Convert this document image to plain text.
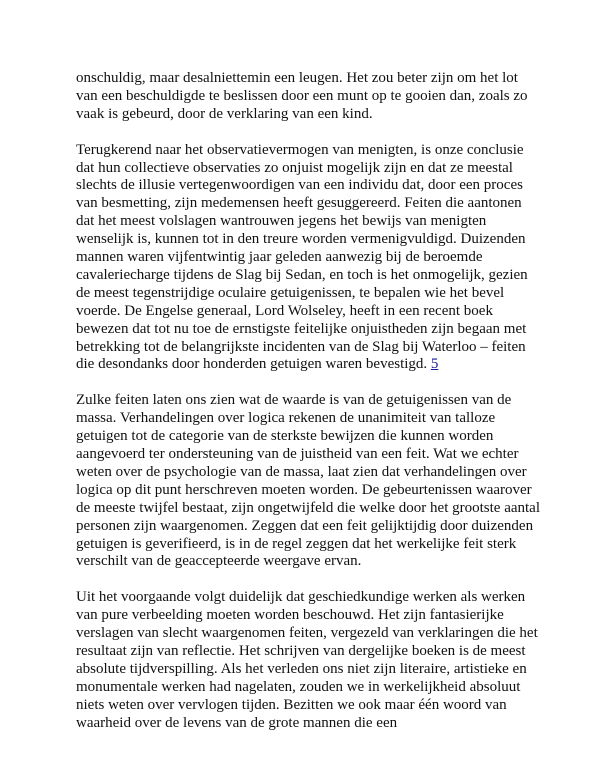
onschuldig, maar desalniettemin een leugen. Het zou beter zijn om het lot van een beschuldigde te beslissen door een munt op te gooien dan, zoals zo vaak is gebeurd, door de verklaring van een kind.

Terugkerend naar het observatievermogen van menigten, is onze conclusie dat hun collectieve observaties zo onjuist mogelijk zijn en dat ze meestal slechts de illusie vertegenwoordigen van een individu dat, door een proces van besmetting, zijn medemensen heeft gesuggereerd. Feiten die aantonen dat het meest volslagen wantrouwen jegens het bewijs van menigten wenselijk is, kunnen tot in den treure worden vermenigvuldigd. Duizenden mannen waren vijfentwintig jaar geleden aanwezig bij de beroemde cavaleriecharge tijdens de Slag bij Sedan, en toch is het onmogelijk, gezien de meest tegenstrijdige oculaire getuigenissen, te bepalen wie het bevel voerde. De Engelse generaal, Lord Wolseley, heeft in een recent boek bewezen dat tot nu toe de ernstigste feitelijke onjuistheden zijn begaan met betrekking tot de belangrijkste incidenten van de Slag bij Waterloo – feiten die desondanks door honderden getuigen waren bevestigd. 5

Zulke feiten laten ons zien wat de waarde is van de getuigenissen van de massa. Verhandelingen over logica rekenen de unanimiteit van talloze getuigen tot de categorie van de sterkste bewijzen die kunnen worden aangevoerd ter ondersteuning van de juistheid van een feit. Wat we echter weten over de psychologie van de massa, laat zien dat verhandelingen over logica op dit punt herschreven moeten worden. De gebeurtenissen waarover de meeste twijfel bestaat, zijn ongetwijfeld die welke door het grootste aantal personen zijn waargenomen. Zeggen dat een feit gelijktijdig door duizenden getuigen is geverifieerd, is in de regel zeggen dat het werkelijke feit sterk verschilt van de geaccepteerde weergave ervan.

Uit het voorgaande volgt duidelijk dat geschiedkundige werken als werken van pure verbeelding moeten worden beschouwd. Het zijn fantasierijke verslagen van slecht waargenomen feiten, vergezeld van verklaringen die het resultaat zijn van reflectie. Het schrijven van dergelijke boeken is de meest absolute tijdverspilling. Als het verleden ons niet zijn literaire, artistieke en monumentale werken had nagelaten, zouden we in werkelijkheid absoluut niets weten over vervlogen tijden. Bezitten we ook maar één woord van waarheid over de levens van de grote mannen die een
